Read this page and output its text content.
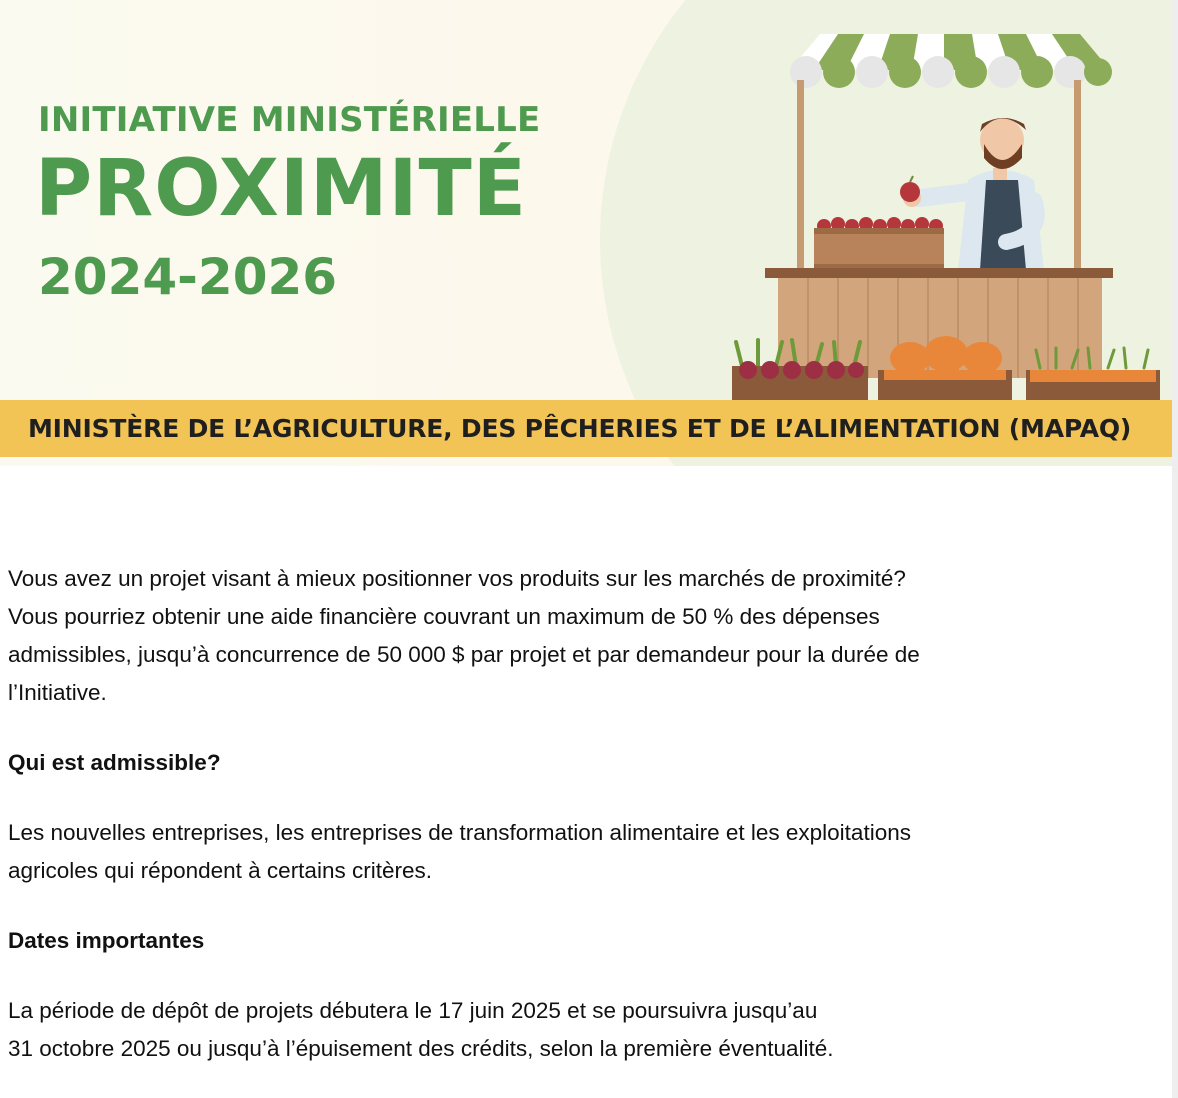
INITIATIVE MINISTÉRIELLE
PROXIMITÉ
2024-2026
MINISTÈRE DE L’AGRICULTURE, DES PÊCHERIES ET DE L’ALIMENTATION (MAPAQ)

Vous avez un projet visant à mieux positionner vos produits sur les marchés de proximité?

Vous pourriez obtenir une aide financière couvrant un maximum de 50 % des dépenses

admissibles, jusqu’à concurrence de 50 000 $ par projet et par demandeur pour la durée de

l’Initiative.

Qui est admissible?

Les nouvelles entreprises, les entreprises de transformation alimentaire et les exploitations

agricoles qui répondent à certains critères.

Dates importantes

La période de dépôt de projets débutera le 17 juin 2025 et se poursuivra jusqu’au

31 octobre 2025 ou jusqu’à l’épuisement des crédits, selon la première éventualité.
